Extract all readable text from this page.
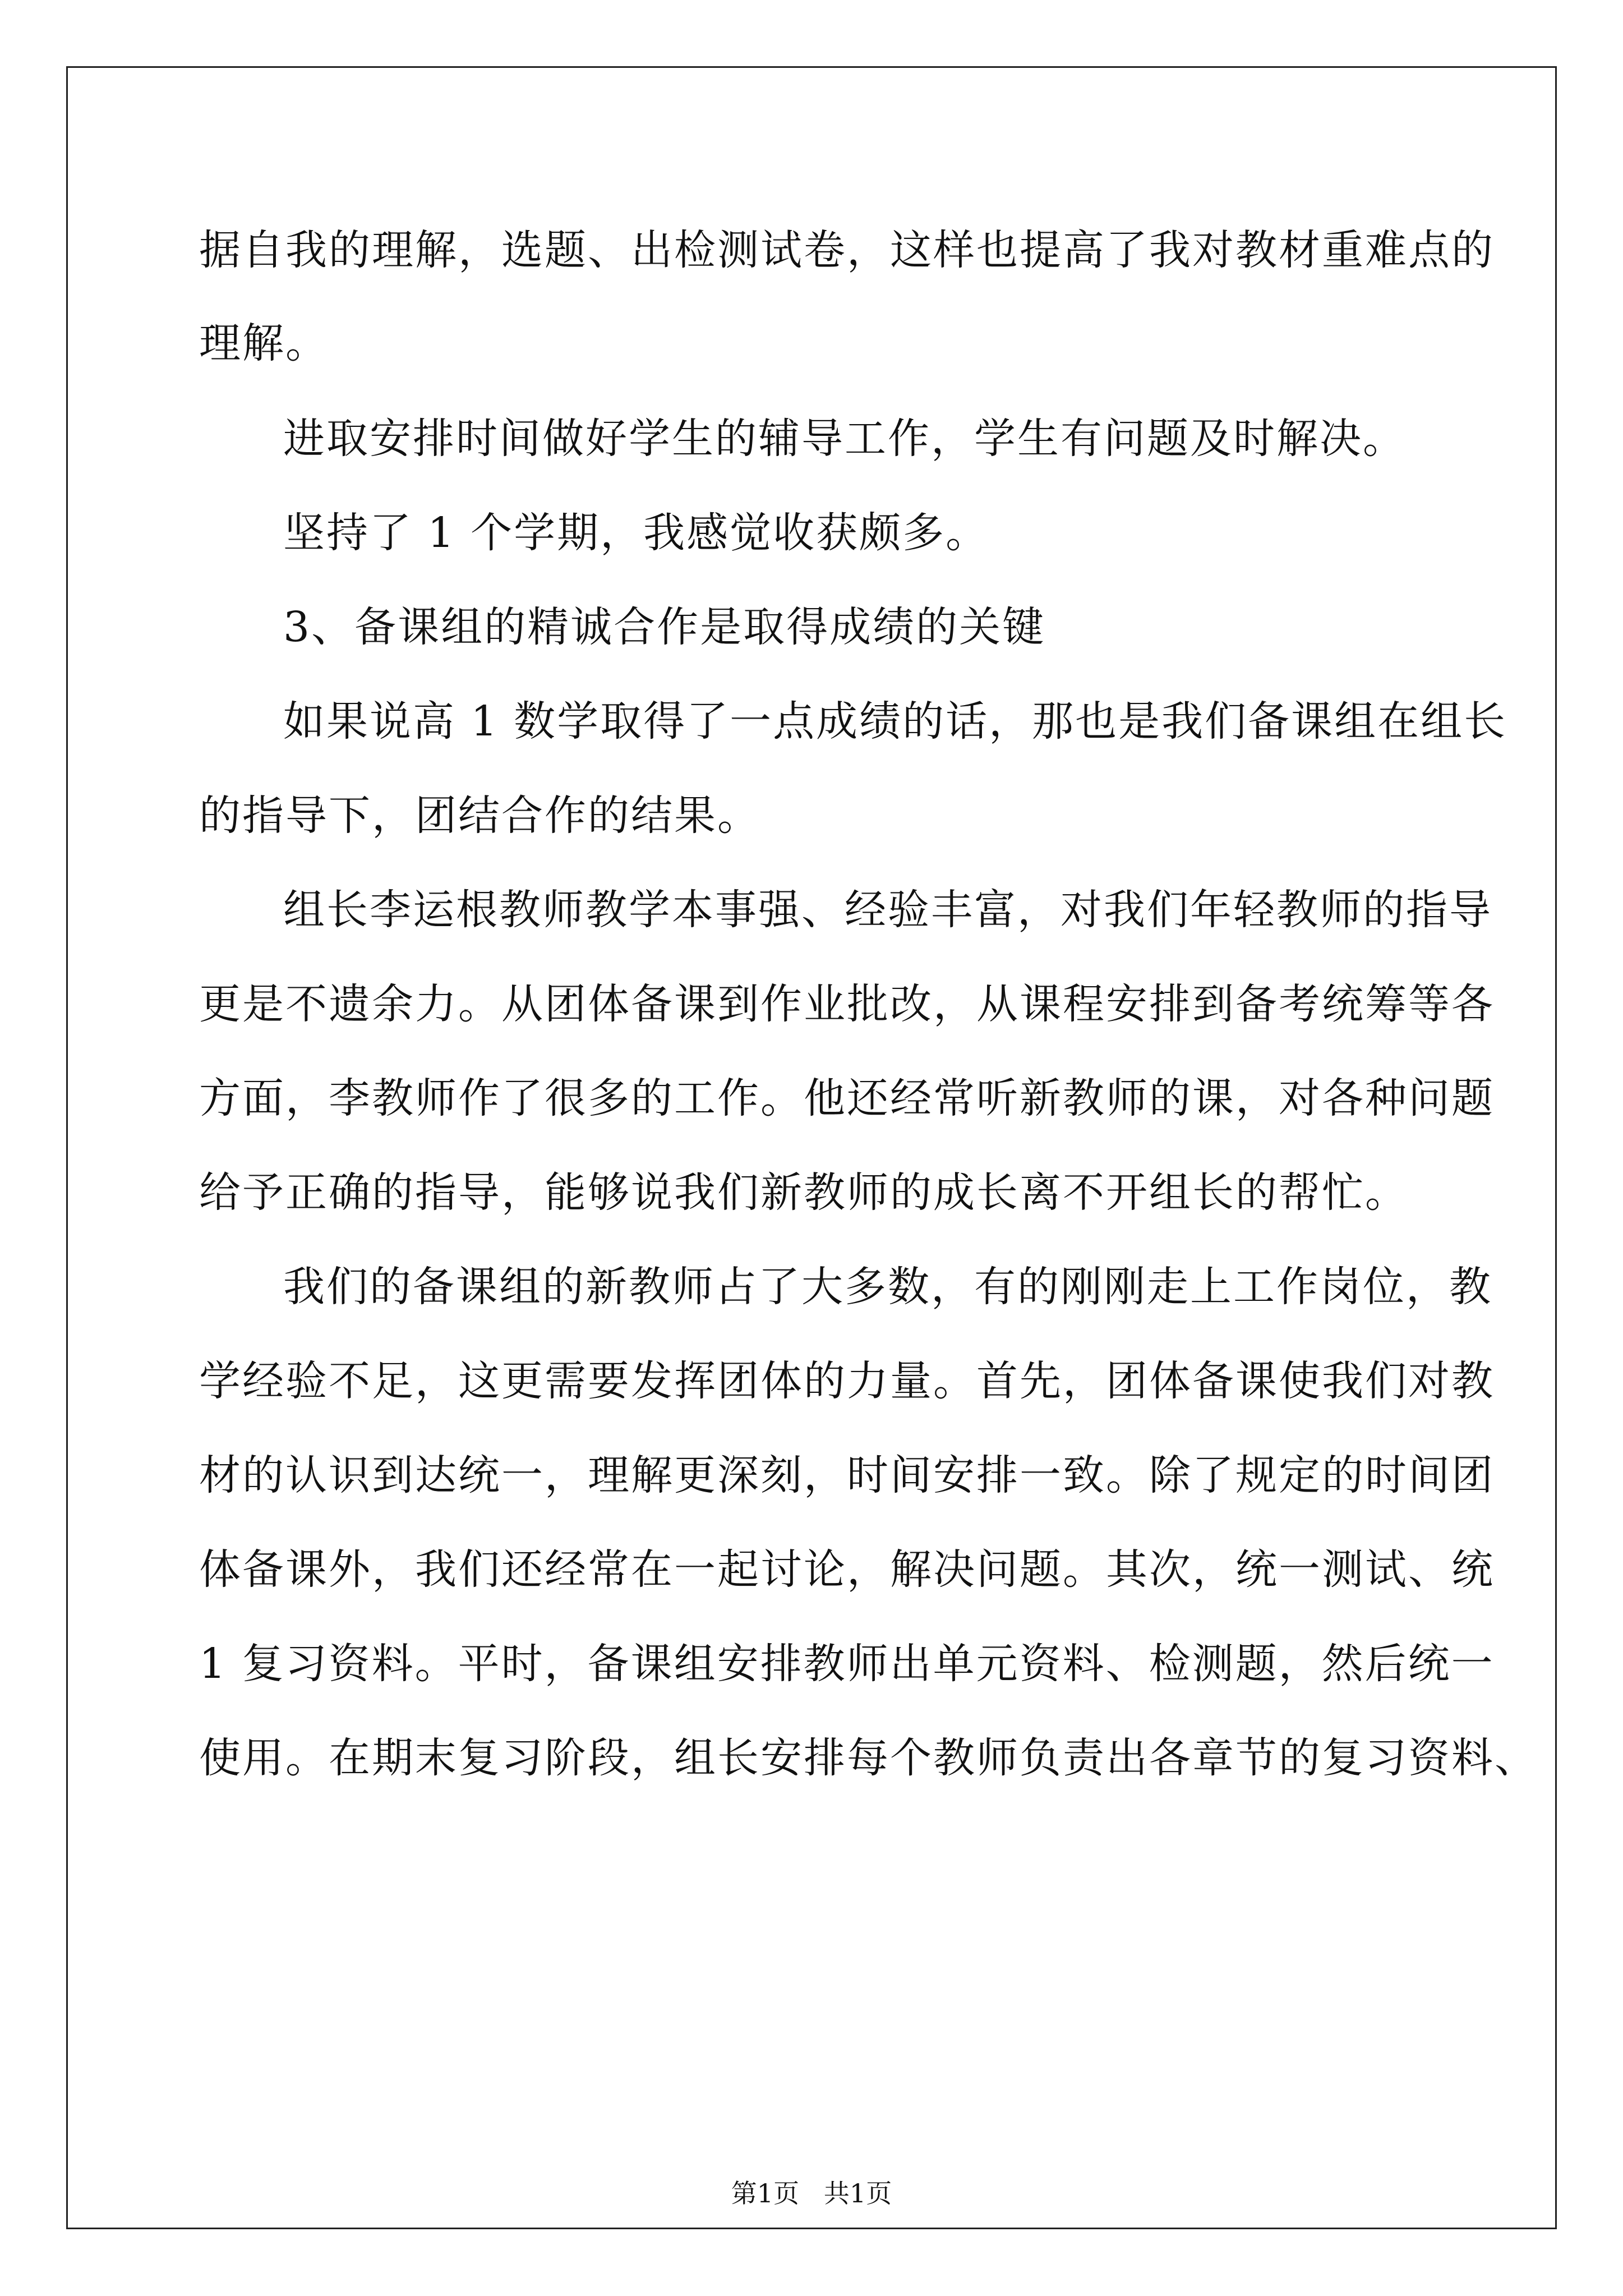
据自我的理解，选题、出检测试卷，这样也提高了我对教材重难点的
理解。
进取安排时间做好学生的辅导工作，学生有问题及时解决。
坚持了 1 个学期，我感觉收获颇多。
3、备课组的精诚合作是取得成绩的关键
如果说高 1 数学取得了一点成绩的话，那也是我们备课组在组长
的指导下，团结合作的结果。
组长李运根教师教学本事强、经验丰富，对我们年轻教师的指导
更是不遗余力。从团体备课到作业批改，从课程安排到备考统筹等各
方面，李教师作了很多的工作。他还经常听新教师的课，对各种问题
给予正确的指导，能够说我们新教师的成长离不开组长的帮忙。
我们的备课组的新教师占了大多数，有的刚刚走上工作岗位，教
学经验不足，这更需要发挥团体的力量。首先，团体备课使我们对教
材的认识到达统一，理解更深刻，时间安排一致。除了规定的时间团
体备课外，我们还经常在一起讨论，解决问题。其次，统一测试、统
1 复习资料。平时，备课组安排教师出单元资料、检测题，然后统一
使用。在期末复习阶段，组长安排每个教师负责出各章节的复习资料、
第1页   共1页
